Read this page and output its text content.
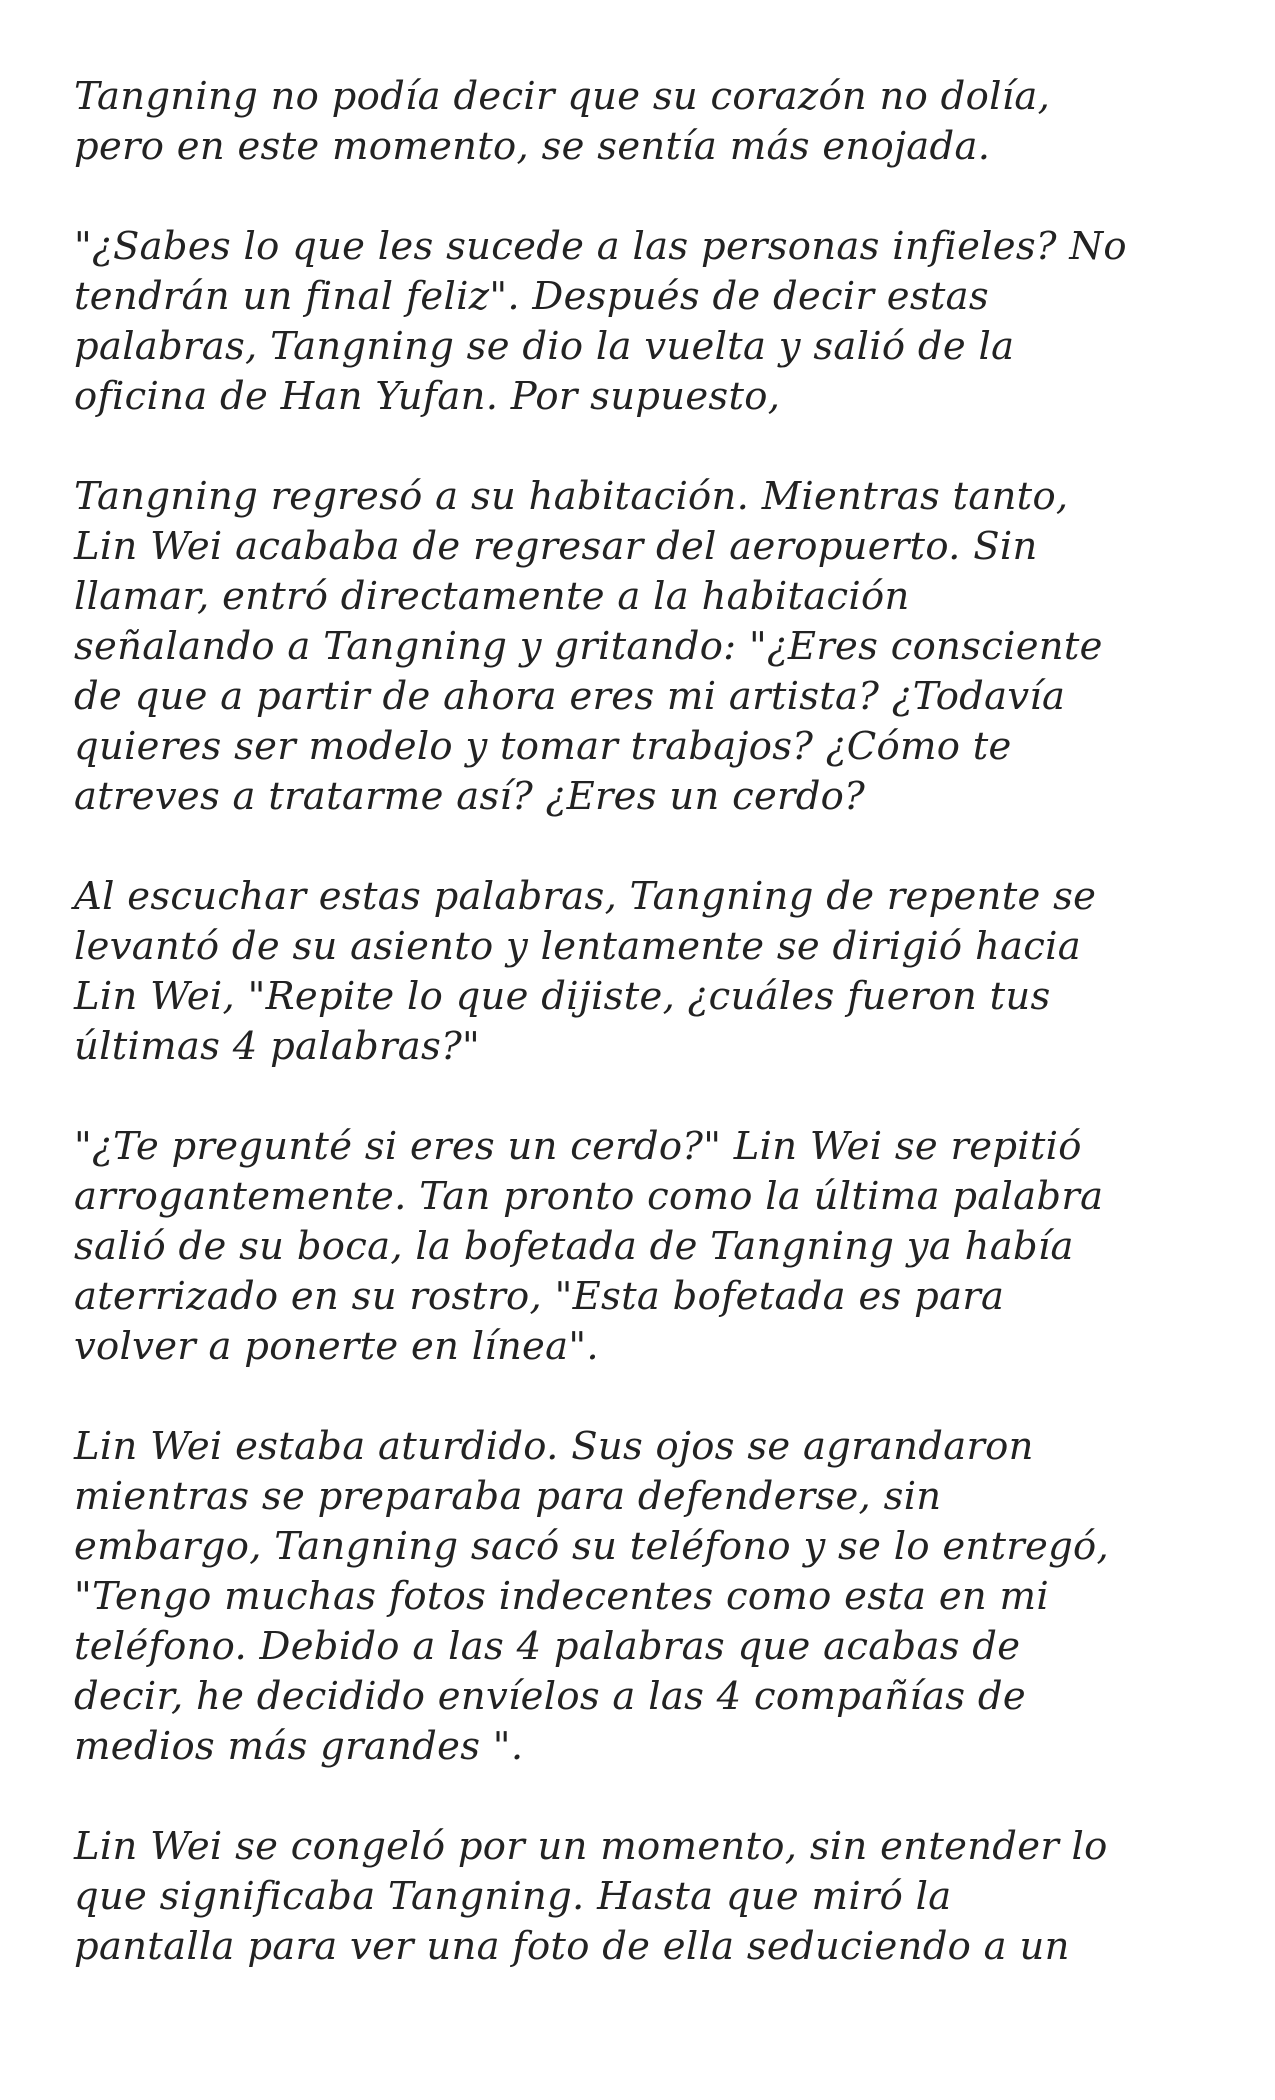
Tangning no podía decir que su corazón no dolía,
pero en este momento, se sentía más enojada.

"¿Sabes lo que les sucede a las personas infieles? No
tendrán un final feliz". Después de decir estas
palabras, Tangning se dio la vuelta y salió de la
oficina de Han Yufan. Por supuesto,

Tangning regresó a su habitación. Mientras tanto,
Lin Wei acababa de regresar del aeropuerto. Sin
llamar, entró directamente a la habitación
señalando a Tangning y gritando: "¿Eres consciente
de que a partir de ahora eres mi artista? ¿Todavía
quieres ser modelo y tomar trabajos? ¿Cómo te
atreves a tratarme así? ¿Eres un cerdo?

Al escuchar estas palabras, Tangning de repente se
levantó de su asiento y lentamente se dirigió hacia
Lin Wei, "Repite lo que dijiste, ¿cuáles fueron tus
últimas 4 palabras?"

"¿Te pregunté si eres un cerdo?" Lin Wei se repitió
arrogantemente. Tan pronto como la última palabra
salió de su boca, la bofetada de Tangning ya había
aterrizado en su rostro, "Esta bofetada es para
volver a ponerte en línea".

Lin Wei estaba aturdido. Sus ojos se agrandaron
mientras se preparaba para defenderse, sin
embargo, Tangning sacó su teléfono y se lo entregó,
"Tengo muchas fotos indecentes como esta en mi
teléfono. Debido a las 4 palabras que acabas de
decir, he decidido envíelos a las 4 compañías de
medios más grandes ".

Lin Wei se congeló por un momento, sin entender lo
que significaba Tangning. Hasta que miró la
pantalla para ver una foto de ella seduciendo a un
